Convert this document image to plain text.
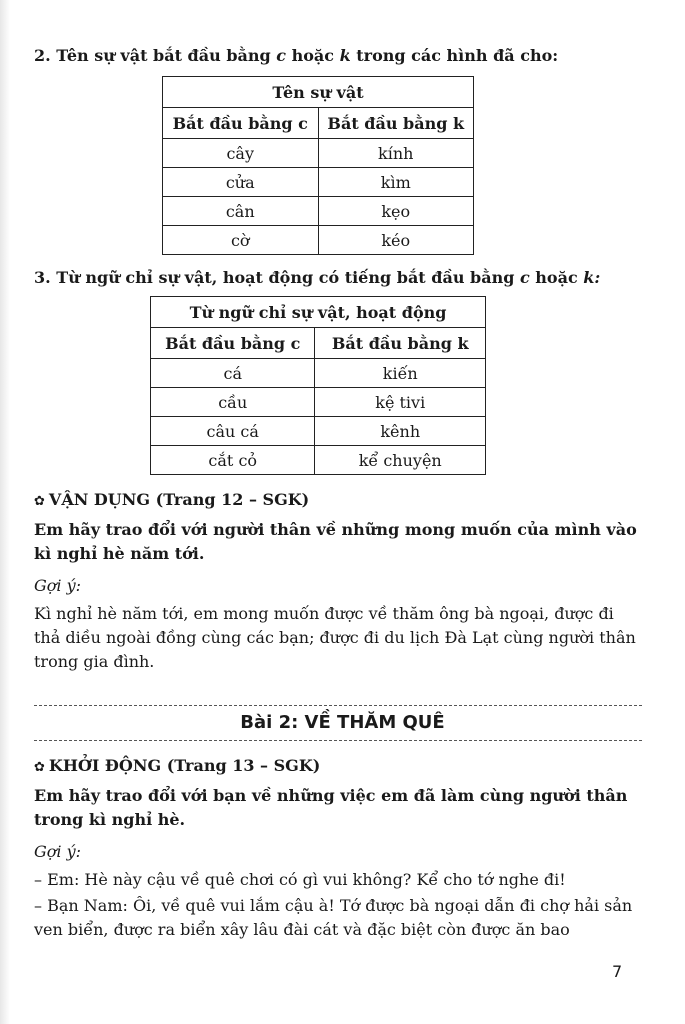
2. Tên sự vật bắt đầu bằng c hoặc k trong các hình đã cho:
Tên sự vật	
Bắt đầu bằng c	Bắt đầu bằng k
cây	kính
cửa	kìm
cân	kẹo
cờ	kéo
3. Từ ngữ chỉ sự vật, hoạt động có tiếng bắt đầu bằng c hoặc k:
Từ ngữ chỉ sự vật, hoạt động	
Bắt đầu bằng c	Bắt đầu bằng k
cá	kiến
cầu	kệ tivi
câu cá	kênh
cắt cỏ	kể chuyện
✿ VẬN DỤNG (Trang 12 – SGK)
Em hãy trao đổi với người thân về những mong muốn của mình vào kì nghỉ hè năm tới.
Gợi ý:
Kì nghỉ hè năm tới, em mong muốn được về thăm ông bà ngoại, được đi thả diều ngoài đồng cùng các bạn; được đi du lịch Đà Lạt cùng người thân trong gia đình.
Bài 2: VỀ THĂM QUÊ
✿ KHỞI ĐỘNG (Trang 13 – SGK)
Em hãy trao đổi với bạn về những việc em đã làm cùng người thân trong kì nghỉ hè.
Gợi ý:
– Em: Hè này cậu về quê chơi có gì vui không? Kể cho tớ nghe đi!
– Bạn Nam: Ôi, về quê vui lắm cậu à! Tớ được bà ngoại dẫn đi chợ hải sản ven biển, được ra biển xây lâu đài cát và đặc biệt còn được ăn bao
7
